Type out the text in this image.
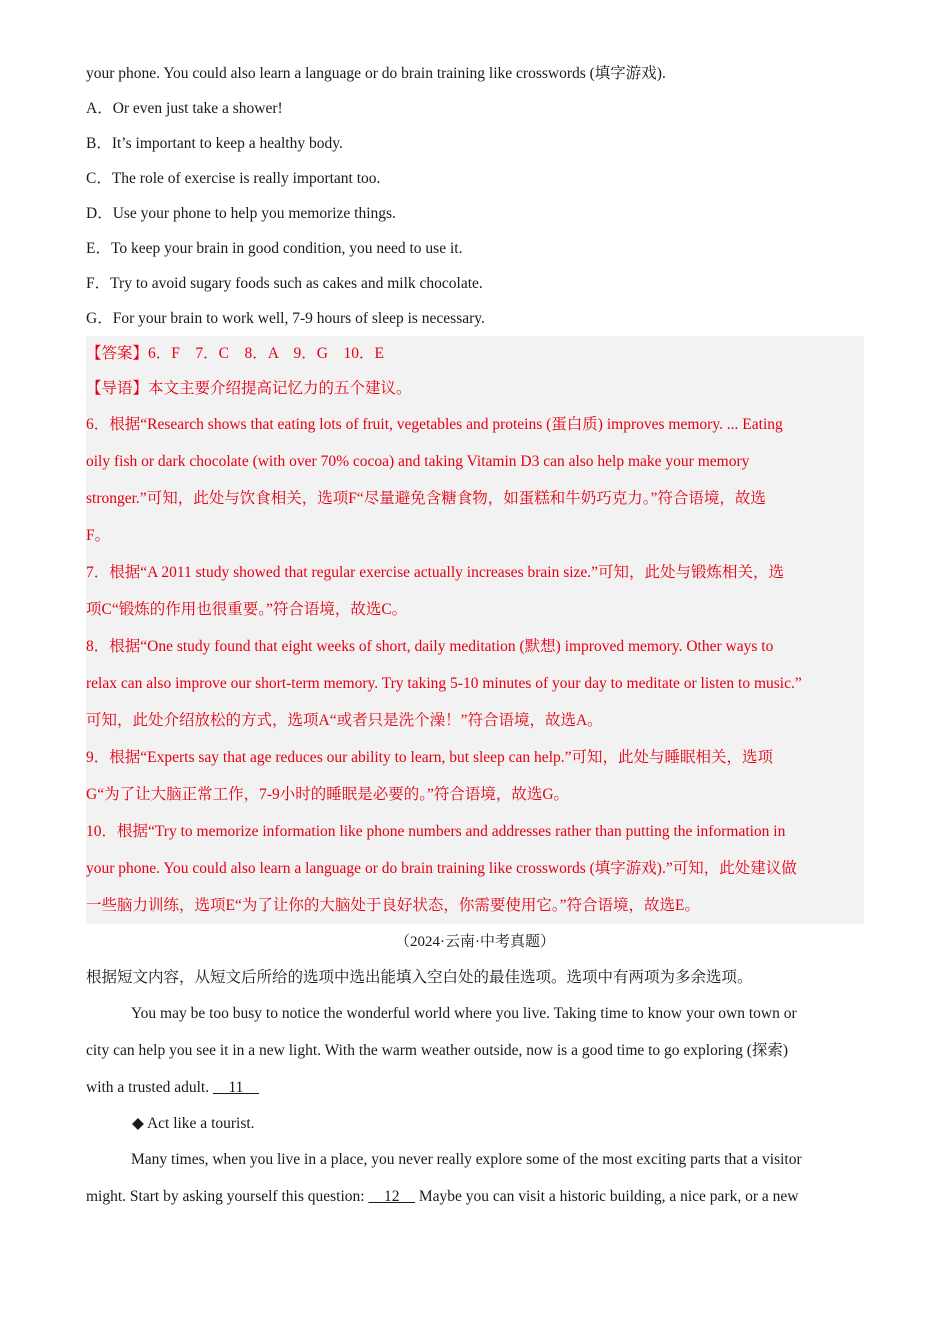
your phone. You could also learn a language or do brain training like crosswords (填字游戏).
A．Or even just take a shower!
B．It’s important to keep a healthy body.
C．The role of exercise is really important too.
D．Use your phone to help you memorize things.
E．To keep your brain in good condition, you need to use it.
F．Try to avoid sugary foods such as cakes and milk chocolate.
G．For your brain to work well, 7-9 hours of sleep is necessary.
【答案】6．F　7．C　8．A　9．G　10．E
【导语】本文主要介绍提高记忆力的五个建议。
6．根据“Research shows that eating lots of fruit, vegetables and proteins (蛋白质) improves memory. ... Eating
oily fish or dark chocolate (with over 70% cocoa) and taking Vitamin D3 can also help make your memory
stronger.”可知，此处与饮食相关，选项F“尽量避免含糖食物，如蛋糕和牛奶巧克力。”符合语境，故选
F。
7．根据“A 2011 study showed that regular exercise actually increases brain size.”可知，此处与锻炼相关，选
项C“锻炼的作用也很重要。”符合语境，故选C。
8．根据“One study found that eight weeks of short, daily meditation (默想) improved memory. Other ways to
relax can also improve our short-term memory. Try taking 5-10 minutes of your day to meditate or listen to music.”
可知，此处介绍放松的方式，选项A“或者只是洗个澡！”符合语境，故选A。
9．根据“Experts say that age reduces our ability to learn, but sleep can help.”可知，此处与睡眠相关，选项
G“为了让大脑正常工作，7-9小时的睡眠是必要的。”符合语境，故选G。
10．根据“Try to memorize information like phone numbers and addresses rather than putting the information in
your phone. You could also learn a language or do brain training like crosswords (填字游戏).”可知，此处建议做
一些脑力训练，选项E“为了让你的大脑处于良好状态，你需要使用它。”符合语境，故选E。
（2024·云南·中考真题）
根据短文内容，从短文后所给的选项中选出能填入空白处的最佳选项。选项中有两项为多余选项。
You may be too busy to notice the wonderful world where you live. Taking time to know your own town or
city can help you see it in a new light. With the warm weather outside, now is a good time to go exploring (探索)
with a trusted adult. __11__
◆ Act like a tourist.
Many times, when you live in a place, you never really explore some of the most exciting parts that a visitor
might. Start by asking yourself this question: __12__ Maybe you can visit a historic building, a nice park, or a new
